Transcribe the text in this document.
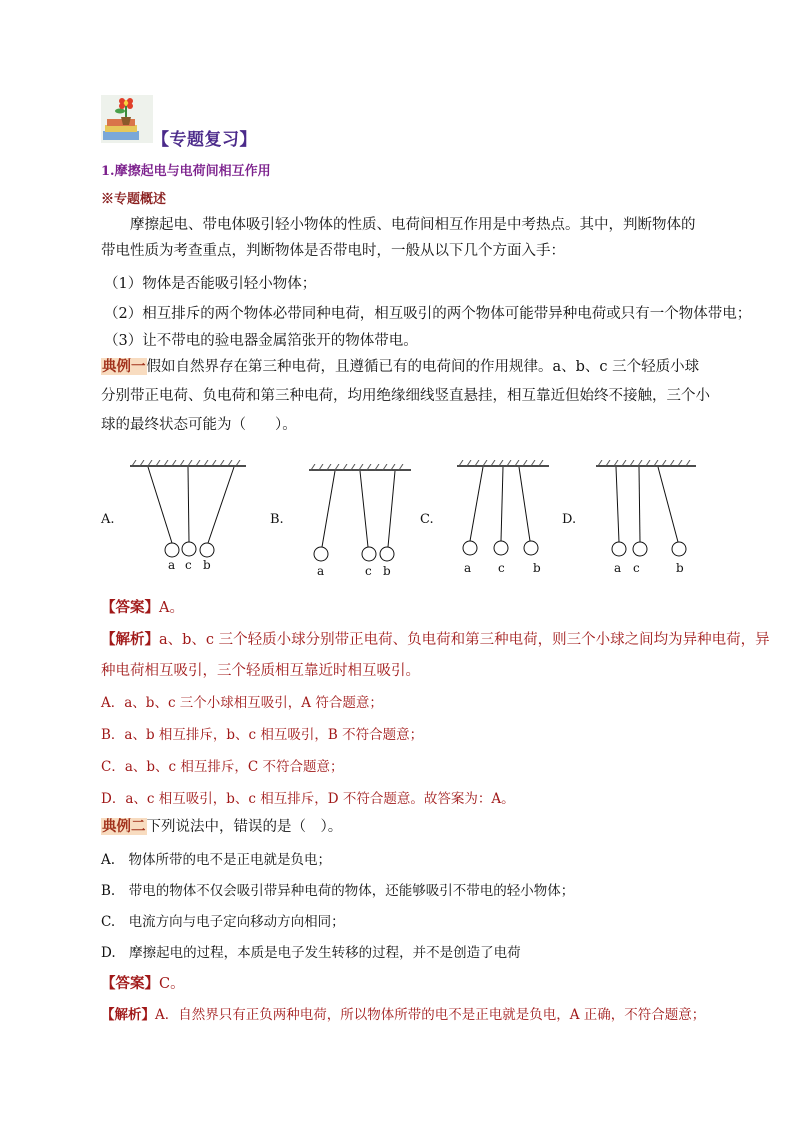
【专题复习】
1.摩擦起电与电荷间相互作用
※专题概述
摩擦起电、带电体吸引轻小物体的性质、电荷间相互作用是中考热点。其中，判断物体的带电性质为考查重点，判断物体是否带电时，一般从以下几个方面入手：
（1）物体是否能吸引轻小物体；
（2）相互排斥的两个物体必带同种电荷，相互吸引的两个物体可能带异种电荷或只有一个物体带电；
（3）让不带电的验电器金属箔张开的物体带电。
典例一假如自然界存在第三种电荷，且遵循已有的电荷间的作用规律。a、b、c 三个轻质小球分别带正电荷、负电荷和第三种电荷，均用绝缘细线竖直悬挂，相互靠近但始终不接触，三个小球的最终状态可能为（　　）。
A.	B.	C.	D.
a c b	a	c b	a c b	a c	b
【答案】A。
【解析】a、b、c 三个轻质小球分别带正电荷、负电荷和第三种电荷，则三个小球之间均为异种电荷，异
种电荷相互吸引，三个轻质相互靠近时相互吸引。
A．a、b、c 三个小球相互吸引，A 符合题意；
B．a、b 相互排斥，b、c 相互吸引，B 不符合题意；
C．a、b、c 相互排斥，C 不符合题意；
D．a、c 相互吸引，b、c 相互排斥，D 不符合题意。故答案为：A。
典例二下列说法中，错误的是（　）。
A.　物体所带的电不是正电就是负电；
B.　带电的物体不仅会吸引带异种电荷的物体，还能够吸引不带电的轻小物体；
C.　电流方向与电子定向移动方向相同；
D.　摩擦起电的过程，本质是电子发生转移的过程，并不是创造了电荷
【答案】C。
【解析】A．自然界只有正负两种电荷，所以物体所带的电不是正电就是负电，A 正确，不符合题意；
